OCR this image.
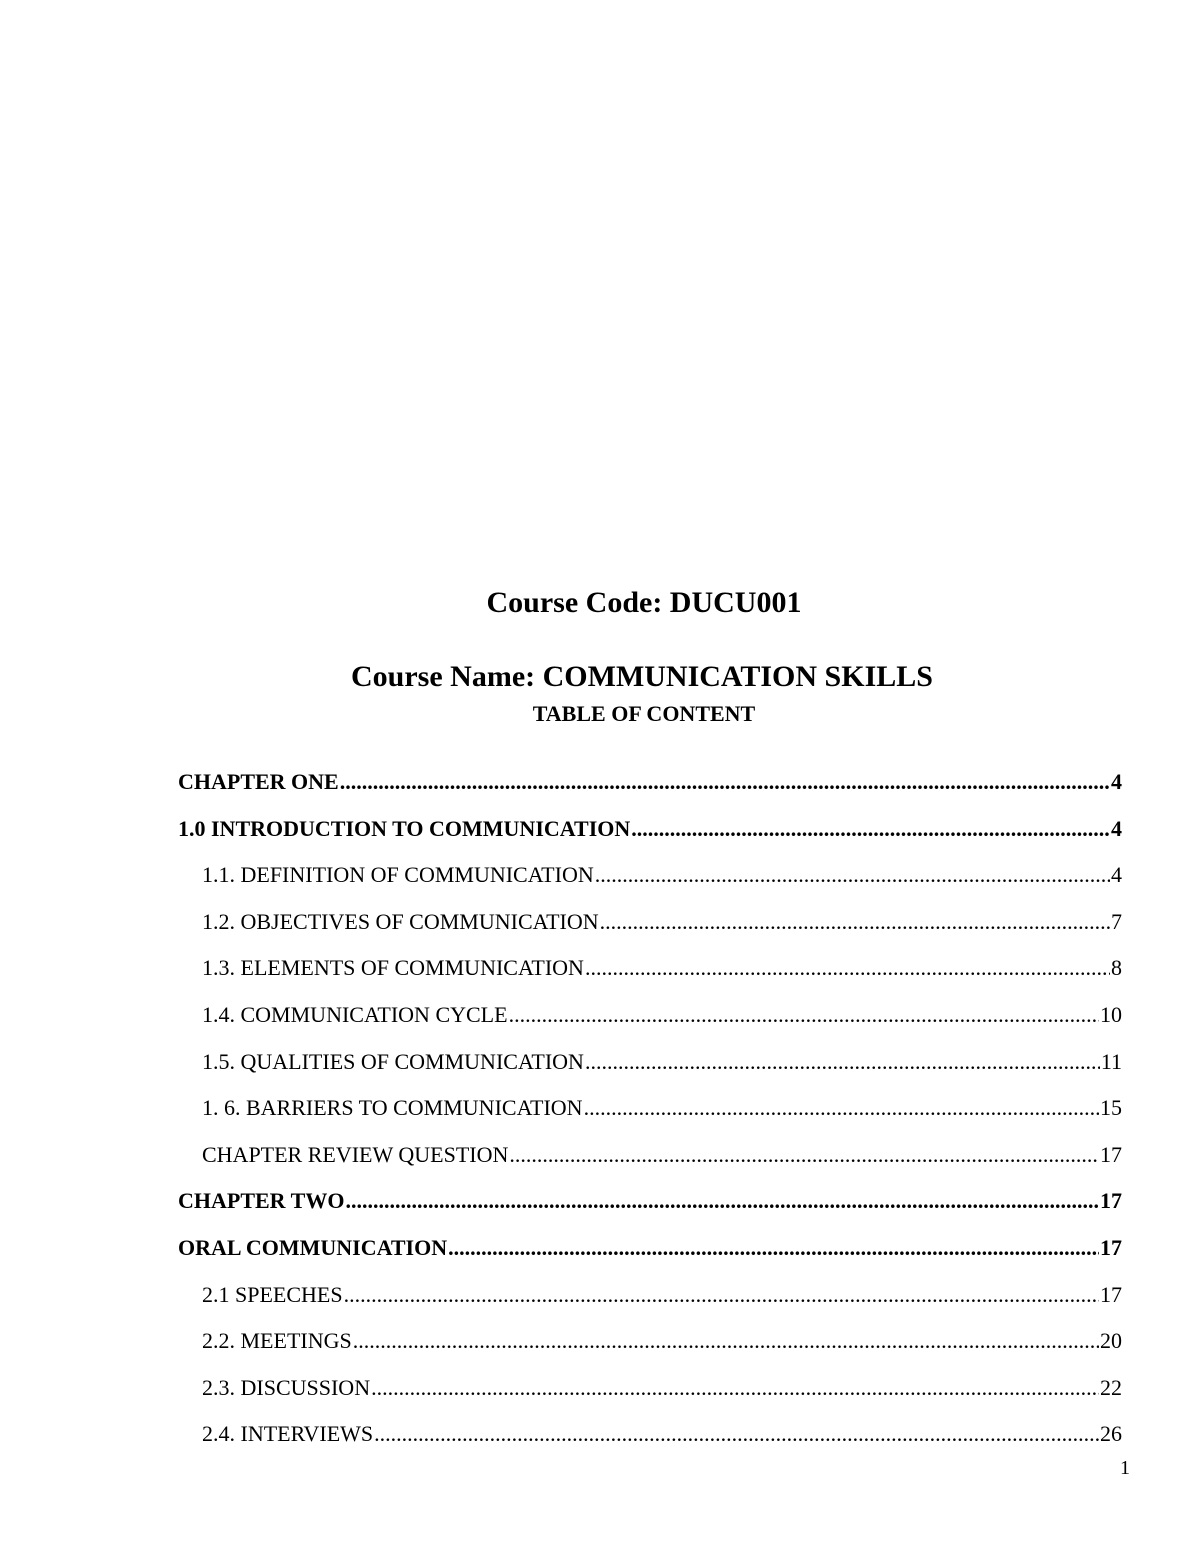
Course Code: DUCU001
Course Name: COMMUNICATION SKILLS
TABLE OF CONTENT
CHAPTER ONE .....	4
1.0 INTRODUCTION TO COMMUNICATION .....	4
1.1. DEFINITION OF COMMUNICATION .....	4
1.2. OBJECTIVES OF COMMUNICATION .....	7
1.3. ELEMENTS OF COMMUNICATION .....	8
1.4. COMMUNICATION CYCLE .....	10
1.5. QUALITIES OF COMMUNICATION .....	11
1. 6. BARRIERS TO COMMUNICATION .....	15
CHAPTER REVIEW QUESTION .....	17
CHAPTER TWO .....	17
ORAL COMMUNICATION .....	17
2.1 SPEECHES .....	17
2.2. MEETINGS .....	20
2.3. DISCUSSION .....	22
2.4. INTERVIEWS .....	26
1
